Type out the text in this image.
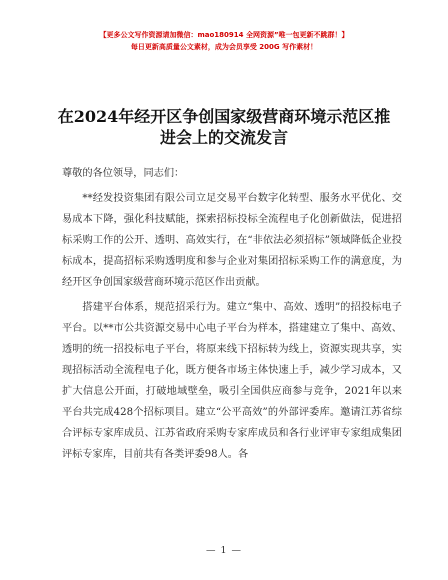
【更多公文写作资源请加微信：mao180914 全网资源”唯一包更新不跳群！】
每日更新高质量公文素材，成为会员享受 200G 写作素材！
在2024年经开区争创国家级营商环境示范区推
进会上的交流发言

尊敬的各位领导，同志们：

**经发投资集团有限公司立足交易平台数字化转型、服务水平优化、交易成本下降，强化科技赋能，探索招标投标全流程电子化创新做法，促进招标采购工作的公开、透明、高效实行，在“非依法必须招标”领域降低企业投标成本，提高招标采购透明度和参与企业对集团招标采购工作的满意度，为经开区争创国家级营商环境示范区作出贡献。

搭建平台体系，规范招采行为。建立“集中、高效、透明”的招投标电子平台。以**市公共资源交易中心电子平台为样本，搭建建立了集中、高效、透明的统一招投标电子平台，将原来线下招标转为线上，资源实现共享，实现招标活动全流程电子化，既方便各市场主体快速上手，减少学习成本，又扩大信息公开面，打破地域壁垒，吸引全国供应商参与竞争，2021年以来平台共完成428个招标项目。建立“公平高效”的外部评委库。邀请江苏省综合评标专家库成员、江苏省政府采购专家库成员和各行业评审专家组成集团评标专家库，目前共有各类评委98人。各

— 1 —
